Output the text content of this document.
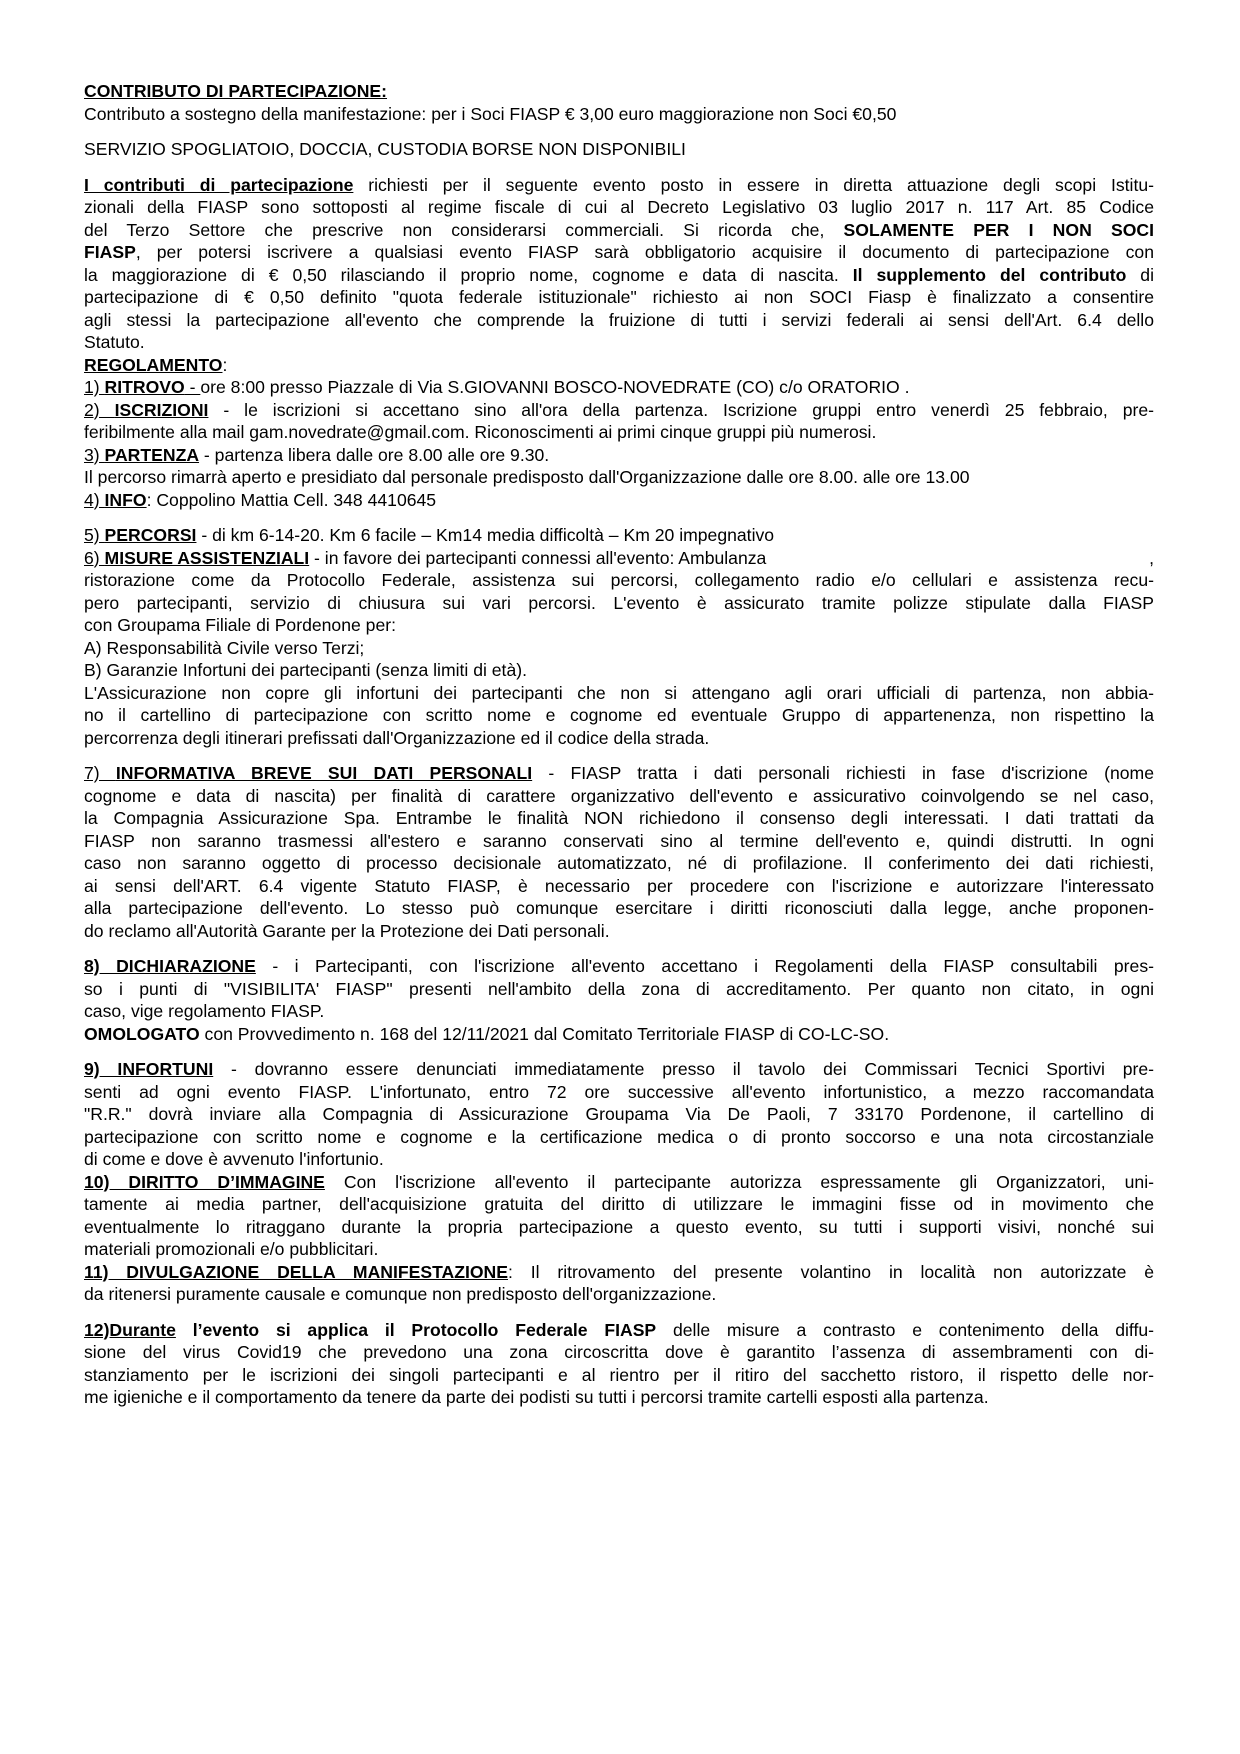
CONTRIBUTO DI PARTECIPAZIONE:
Contributo a sostegno della manifestazione: per i Soci FIASP € 3,00 euro maggiorazione non Soci €0,50
SERVIZIO SPOGLIATOIO, DOCCIA, CUSTODIA BORSE NON DISPONIBILI
I contributi di partecipazione richiesti per il seguente evento posto in essere in diretta attuazione degli scopi Istitu-
zionali della FIASP sono sottoposti al regime fiscale di cui al Decreto Legislativo 03 luglio 2017 n. 117 Art. 85 Codice
del Terzo Settore che prescrive non considerarsi commerciali. Si ricorda che, SOLAMENTE PER I NON SOCI
FIASP, per potersi iscrivere a qualsiasi evento FIASP sarà obbligatorio acquisire il documento di partecipazione con
la maggiorazione di € 0,50 rilasciando il proprio nome, cognome e data di nascita. Il supplemento del contributo di
partecipazione di € 0,50 definito "quota federale istituzionale" richiesto ai non SOCI Fiasp è finalizzato a consentire
agli stessi la partecipazione all'evento che comprende la fruizione di tutti i servizi federali ai sensi dell'Art. 6.4 dello
Statuto.
REGOLAMENTO:
1) RITROVO - ore 8:00 presso Piazzale di Via S.GIOVANNI BOSCO-NOVEDRATE (CO) c/o ORATORIO .
2) ISCRIZIONI - le iscrizioni si accettano sino all'ora della partenza. Iscrizione gruppi entro venerdì 25 febbraio, pre-
feribilmente alla mail gam.novedrate@gmail.com. Riconoscimenti ai primi cinque gruppi più numerosi.
3) PARTENZA - partenza libera dalle ore 8.00 alle ore 9.30.
Il percorso rimarrà aperto e presidiato dal personale predisposto dall'Organizzazione dalle ore 8.00. alle ore 13.00
4) INFO: Coppolino Mattia Cell. 348 4410645
5) PERCORSI - di km 6-14-20. Km 6 facile – Km14 media difficoltà – Km 20 impegnativo
6) MISURE ASSISTENZIALI - in favore dei partecipanti connessi all'evento: Ambulanza	,
ristorazione come da Protocollo Federale, assistenza sui percorsi, collegamento radio e/o cellulari e assistenza recu-
pero partecipanti, servizio di chiusura sui vari percorsi. L'evento è assicurato tramite polizze stipulate dalla FIASP
con Groupama Filiale di Pordenone per:
A) Responsabilità Civile verso Terzi;
B) Garanzie Infortuni dei partecipanti (senza limiti di età).
L'Assicurazione non copre gli infortuni dei partecipanti che non si attengano agli orari ufficiali di partenza, non abbia-
no il cartellino di partecipazione con scritto nome e cognome ed eventuale Gruppo di appartenenza, non rispettino la
percorrenza degli itinerari prefissati dall'Organizzazione ed il codice della strada.
7) INFORMATIVA BREVE SUI DATI PERSONALI - FIASP tratta i dati personali richiesti in fase d'iscrizione (nome
cognome e data di nascita) per finalità di carattere organizzativo dell'evento e assicurativo coinvolgendo se nel caso,
la Compagnia Assicurazione Spa. Entrambe le finalità NON richiedono il consenso degli interessati. I dati trattati da
FIASP non saranno trasmessi all'estero e saranno conservati sino al termine dell'evento e, quindi distrutti. In ogni
caso non saranno oggetto di processo decisionale automatizzato, né di profilazione. Il conferimento dei dati richiesti,
ai sensi dell'ART. 6.4 vigente Statuto FIASP, è necessario per procedere con l'iscrizione e autorizzare l'interessato
alla partecipazione dell'evento. Lo stesso può comunque esercitare i diritti riconosciuti dalla legge, anche proponen-
do reclamo all'Autorità Garante per la Protezione dei Dati personali.
8) DICHIARAZIONE - i Partecipanti, con l'iscrizione all'evento accettano i Regolamenti della FIASP consultabili pres-
so i punti di "VISIBILITA' FIASP" presenti nell'ambito della zona di accreditamento. Per quanto non citato, in ogni
caso, vige regolamento FIASP.
OMOLOGATO con Provvedimento n. 168 del 12/11/2021 dal Comitato Territoriale FIASP di CO-LC-SO.
9) INFORTUNI - dovranno essere denunciati immediatamente presso il tavolo dei Commissari Tecnici Sportivi pre-
senti ad ogni evento FIASP. L'infortunato, entro 72 ore successive all'evento infortunistico, a mezzo raccomandata
"R.R." dovrà inviare alla Compagnia di Assicurazione Groupama Via De Paoli, 7 33170 Pordenone, il cartellino di
partecipazione con scritto nome e cognome e la certificazione medica o di pronto soccorso e una nota circostanziale
di come e dove è avvenuto l'infortunio.
10) DIRITTO D’IMMAGINE Con l'iscrizione all'evento il partecipante autorizza espressamente gli Organizzatori, uni-
tamente ai media partner, dell'acquisizione gratuita del diritto di utilizzare le immagini fisse od in movimento che
eventualmente lo ritraggano durante la propria partecipazione a questo evento, su tutti i supporti visivi, nonché sui
materiali promozionali e/o pubblicitari.
11) DIVULGAZIONE DELLA MANIFESTAZIONE: Il ritrovamento del presente volantino in località non autorizzate è
da ritenersi puramente causale e comunque non predisposto dell'organizzazione.
12)Durante l’evento si applica il Protocollo Federale FIASP delle misure a contrasto e contenimento della diffu-
sione del virus Covid19 che prevedono una zona circoscritta dove è garantito l’assenza di assembramenti con di-
stanziamento per le iscrizioni dei singoli partecipanti e al rientro per il ritiro del sacchetto ristoro, il rispetto delle nor-
me igieniche e il comportamento da tenere da parte dei podisti su tutti i percorsi tramite cartelli esposti alla partenza.
